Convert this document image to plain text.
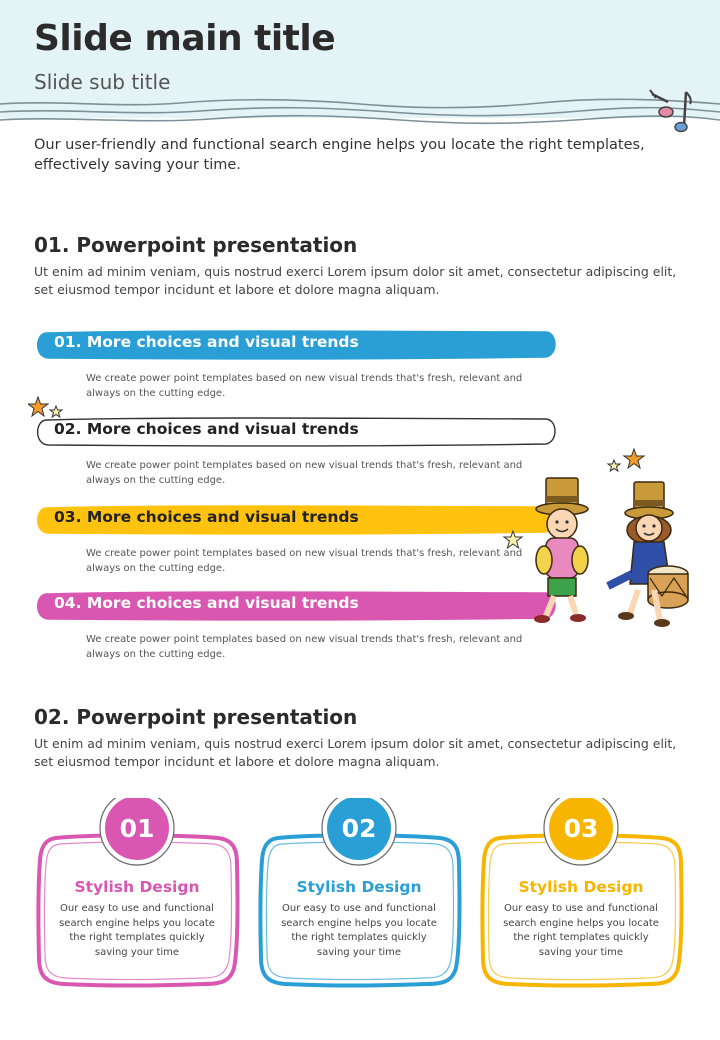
Slide main title
Slide sub title
Our user-friendly and functional search engine helps you locate the right templates, effectively saving your time.
01. Powerpoint presentation
Ut enim ad minim veniam, quis nostrud exerci Lorem ipsum dolor sit amet, consectetur adipiscing elit, set eiusmod tempor incidunt et labore et dolore magna aliquam.
01. More choices and visual trends
We create power point templates based on new visual trends that's fresh, relevant and always on the cutting edge.
02. More choices and visual trends
We create power point templates based on new visual trends that's fresh, relevant and always on the cutting edge.
03. More choices and visual trends
We create power point templates based on new visual trends that's fresh, relevant and always on the cutting edge.
04. More choices and visual trends
We create power point templates based on new visual trends that's fresh, relevant and always on the cutting edge.
02. Powerpoint presentation
Ut enim ad minim veniam, quis nostrud exerci Lorem ipsum dolor sit amet, consectetur adipiscing elit, set eiusmod tempor incidunt et labore et dolore magna aliquam.
01
Stylish Design
Our easy to use and functional search engine helps you locate the right templates quickly saving your time
02
Stylish Design
Our easy to use and functional search engine helps you locate the right templates quickly saving your time
03
Stylish Design
Our easy to use and functional search engine helps you locate the right templates quickly saving your time
